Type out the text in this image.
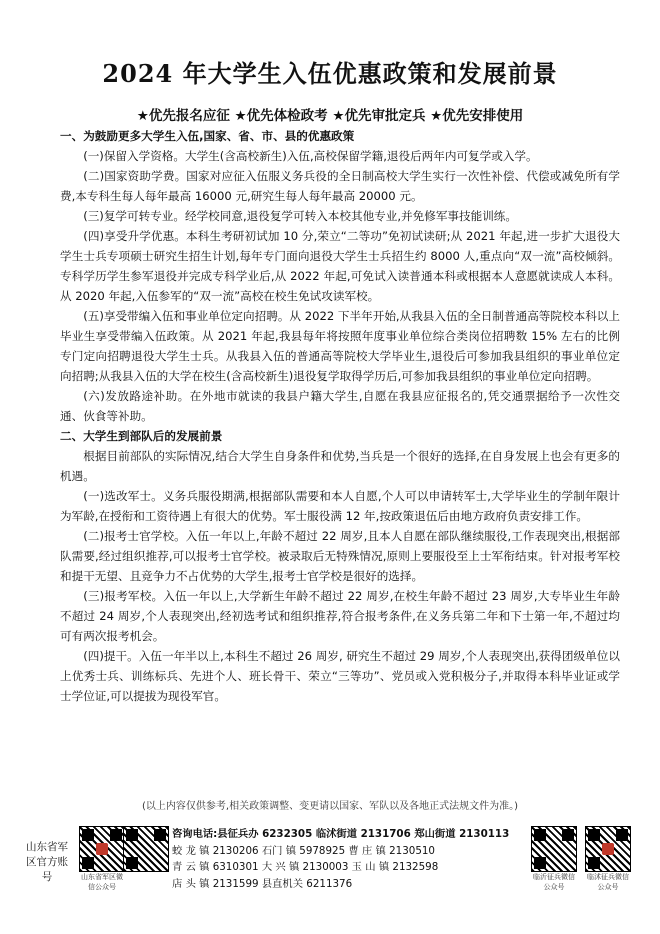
2024 年大学生入伍优惠政策和发展前景
★优先报名应征 ★优先体检政考 ★优先审批定兵 ★优先安排使用

一、为鼓励更多大学生入伍,国家、省、市、县的优惠政策

(一)保留入学资格。大学生(含高校新生)入伍,高校保留学籍,退役后两年内可复学或入学。

(二)国家资助学费。国家对应征入伍服义务兵役的全日制高校大学生实行一次性补偿、代偿或减免所有学费,本专科生每人每年最高 16000 元,研究生每人每年最高 20000 元。

(三)复学可转专业。经学校同意,退役复学可转入本校其他专业,并免修军事技能训练。

(四)享受升学优惠。本科生考研初试加 10 分,荣立“二等功”免初试读研;从 2021 年起,进一步扩大退役大学生士兵专项硕士研究生招生计划,每年专门面向退役大学生士兵招生约 8000 人,重点向“双一流”高校倾斜。专科学历学生参军退役并完成专科学业后,从 2022 年起,可免试入读普通本科或根据本人意愿就读成人本科。从 2020 年起,入伍参军的“双一流”高校在校生免试攻读军校。

(五)享受带编入伍和事业单位定向招聘。从 2022 下半年开始,从我县入伍的全日制普通高等院校本科以上毕业生享受带编入伍政策。从 2021 年起,我县每年将按照年度事业单位综合类岗位招聘数 15% 左右的比例专门定向招聘退役大学生士兵。从我县入伍的普通高等院校大学毕业生,退役后可参加我县组织的事业单位定向招聘;从我县入伍的大学在校生(含高校新生)退役复学取得学历后,可参加我县组织的事业单位定向招聘。

(六)发放路途补助。在外地市就读的我县户籍大学生,自愿在我县应征报名的,凭交通票据给予一次性交通、伙食等补助。

二、大学生到部队后的发展前景

根据目前部队的实际情况,结合大学生自身条件和优势,当兵是一个很好的选择,在自身发展上也会有更多的机遇。

(一)选改军士。义务兵服役期满,根据部队需要和本人自愿,个人可以申请转军士,大学毕业生的学制年限计为军龄,在授衔和工资待遇上有很大的优势。军士服役满 12 年,按政策退伍后由地方政府负责安排工作。

(二)报考士官学校。入伍一年以上,年龄不超过 22 周岁,且本人自愿在部队继续服役,工作表现突出,根据部队需要,经过组织推荐,可以报考士官学校。被录取后无特殊情况,原则上要服役至上士军衔结束。针对报考军校和提干无望、且竞争力不占优势的大学生,报考士官学校是很好的选择。

(三)报考军校。入伍一年以上,大学新生年龄不超过 22 周岁,在校生年龄不超过 23 周岁,大专毕业生年龄不超过 24 周岁,个人表现突出,经初选考试和组织推荐,符合报考条件,在义务兵第二年和下士第一年,不超过均可有两次报考机会。

(四)提干。入伍一年半以上,本科生不超过 26 周岁, 研究生不超过 29 周岁,个人表现突出,获得团级单位以上优秀士兵、训练标兵、先进个人、班长骨干、荣立“三等功”、党员或入党积极分子,并取得本科毕业证或学士学位证,可以提拔为现役军官。

(以上内容仅供参考,相关政策调整、变更请以国家、军队以及各地正式法规文件为准。)
山东省军区官方账号	山东省军区微信公众号
咨询电话:县征兵办 6232305 临沭街道 2131706 郑山街道 2130113
蛟 龙 镇 2130206 石门 镇 5978925 曹 庄 镇 2130510
青 云 镇 6310301 大 兴 镇 2130003 玉 山 镇 2132598
店 头 镇 2131599 县直机关 6211376
临沂征兵微信公众号
临沭征兵微信公众号
